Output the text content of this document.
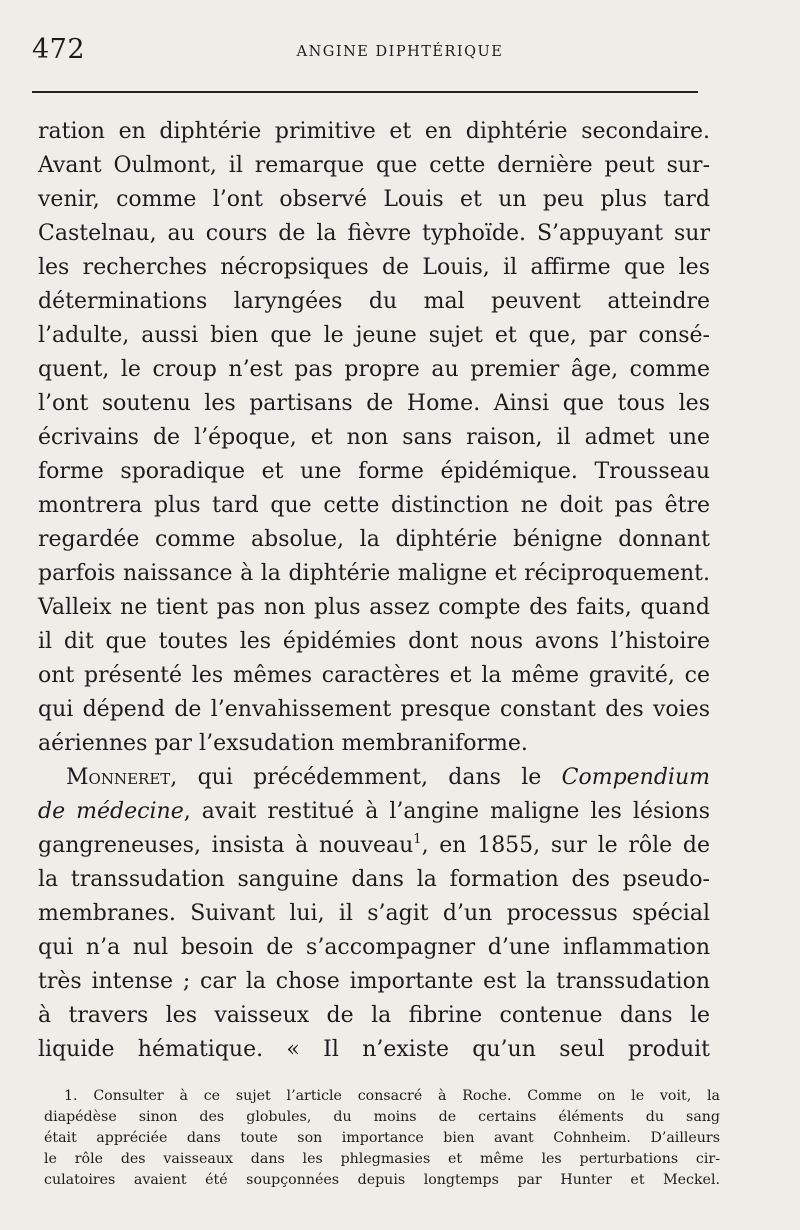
472	ANGINE DIPHTÉRIQUE
ration en diphtérie primitive et en diphtérie secondaire.
Avant Oulmont, il remarque que cette dernière peut sur-
venir, comme l’ont observé Louis et un peu plus tard
Castelnau, au cours de la fièvre typhoïde. S’appuyant sur
les recherches nécropsiques de Louis, il affirme que les
déterminations laryngées du mal peuvent atteindre
l’adulte, aussi bien que le jeune sujet et que, par consé-
quent, le croup n’est pas propre au premier âge, comme
l’ont soutenu les partisans de Home. Ainsi que tous les
écrivains de l’époque, et non sans raison, il admet une
forme sporadique et une forme épidémique. Trousseau
montrera plus tard que cette distinction ne doit pas être
regardée comme absolue, la diphtérie bénigne donnant
parfois naissance à la diphtérie maligne et réciproquement.
Valleix ne tient pas non plus assez compte des faits, quand
il dit que toutes les épidémies dont nous avons l’histoire
ont présenté les mêmes caractères et la même gravité, ce
qui dépend de l’envahissement presque constant des voies
aériennes par l’exsudation membraniforme.
Monneret, qui précédemment, dans le Compendium
de médecine, avait restitué à l’angine maligne les lésions
gangreneuses, insista à nouveau$^1$, en 1855, sur le rôle de
la transsudation sanguine dans la formation des pseudo-
membranes. Suivant lui, il s’agit d’un processus spécial
qui n’a nul besoin de s’accompagner d’une inflammation
très intense ; car la chose importante est la transsudation
à travers les vaisseux de la fibrine contenue dans le
liquide hématique. « Il n’existe qu’un seul produit
1. Consulter à ce sujet l’article consacré à Roche. Comme on le voit, la
diapédèse sinon des globules, du moins de certains éléments du sang
était appréciée dans toute son importance bien avant Cohnheim. D’ailleurs
le rôle des vaisseaux dans les phlegmasies et même les perturbations cir-
culatoires avaient été soupçonnées depuis longtemps par Hunter et Meckel.
